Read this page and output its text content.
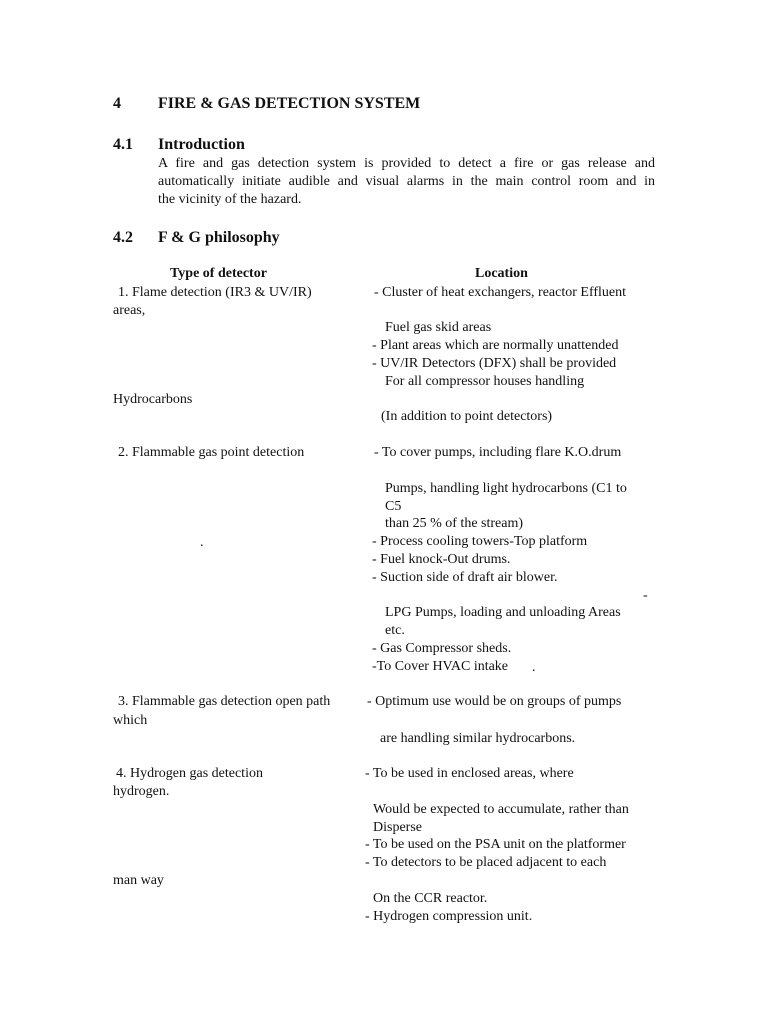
4 FIRE & GAS DETECTION SYSTEM
4.1 Introduction
A fire and gas detection system is provided to detect a fire or gas release and
automatically initiate audible and visual alarms in the main control room and in
the vicinity of the hazard.
4.2 F & G philosophy
Type of detector	Location
1. Flame detection (IR3 & UV/IR)	- Cluster of heat exchangers, reactor Effluent
areas,
Fuel gas skid areas
- Plant areas which are normally unattended
- UV/IR Detectors (DFX) shall be provided
For all compressor houses handling
Hydrocarbons
(In addition to point detectors)
2. Flammable gas point detection	- To cover pumps, including flare K.O.drum
Pumps, handling light hydrocarbons (C1 to
C5
than 25 % of the stream)
.	- Process cooling towers-Top platform
- Fuel knock-Out drums.
- Suction side of draft air blower.
-
LPG Pumps, loading and unloading Areas
etc.
- Gas Compressor sheds.
-To Cover HVAC intake .
3. Flammable gas detection open path	- Optimum use would be on groups of pumps
which
are handling similar hydrocarbons.
4. Hydrogen gas detection	- To be used in enclosed areas, where
hydrogen.
Would be expected to accumulate, rather than
Disperse
- To be used on the PSA unit on the platformer
- To detectors to be placed adjacent to each
man way
On the CCR reactor.
- Hydrogen compression unit.
